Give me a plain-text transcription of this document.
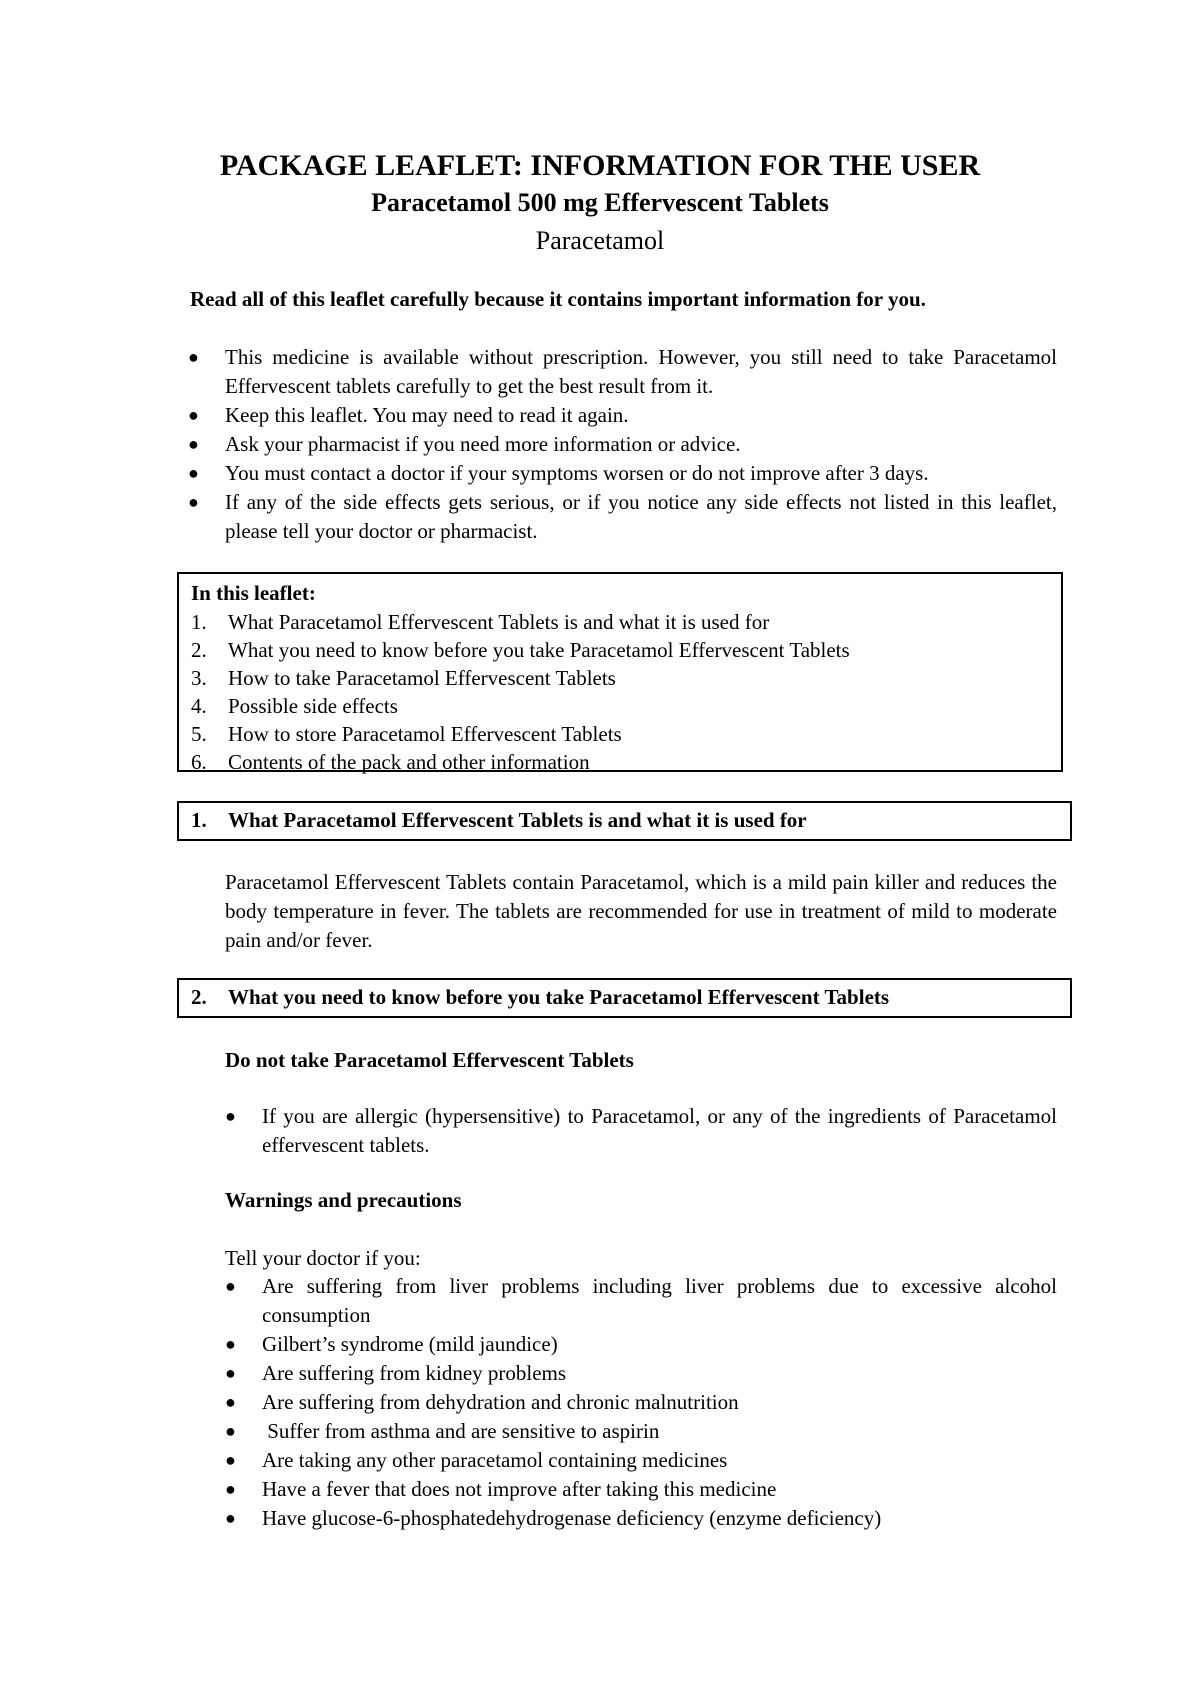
PACKAGE LEAFLET: INFORMATION FOR THE USER
Paracetamol 500 mg Effervescent Tablets
Paracetamol
Read all of this leaflet carefully because it contains important information for you.
● This medicine is available without prescription. However, you still need to take Paracetamol Effervescent tablets carefully to get the best result from it.
● Keep this leaflet. You may need to read it again.
● Ask your pharmacist if you need more information or advice.
● You must contact a doctor if your symptoms worsen or do not improve after 3 days.
● If any of the side effects gets serious, or if you notice any side effects not listed in this leaflet, please tell your doctor or pharmacist.
In this leaflet:
1. What Paracetamol Effervescent Tablets is and what it is used for
2. What you need to know before you take Paracetamol Effervescent Tablets
3. How to take Paracetamol Effervescent Tablets
4. Possible side effects
5. How to store Paracetamol Effervescent Tablets
6. Contents of the pack and other information
1. What Paracetamol Effervescent Tablets is and what it is used for
Paracetamol Effervescent Tablets contain Paracetamol, which is a mild pain killer and reduces the body temperature in fever. The tablets are recommended for use in treatment of mild to moderate pain and/or fever.
2. What you need to know before you take Paracetamol Effervescent Tablets
Do not take Paracetamol Effervescent Tablets
● If you are allergic (hypersensitive) to Paracetamol, or any of the ingredients of Paracetamol effervescent tablets.
Warnings and precautions
Tell your doctor if you:
● Are suffering from liver problems including liver problems due to excessive alcohol consumption
● Gilbert’s syndrome (mild jaundice)
● Are suffering from kidney problems
● Are suffering from dehydration and chronic malnutrition
● Suffer from asthma and are sensitive to aspirin
● Are taking any other paracetamol containing medicines
● Have a fever that does not improve after taking this medicine
● Have glucose-6-phosphatedehydrogenase deficiency (enzyme deficiency)
